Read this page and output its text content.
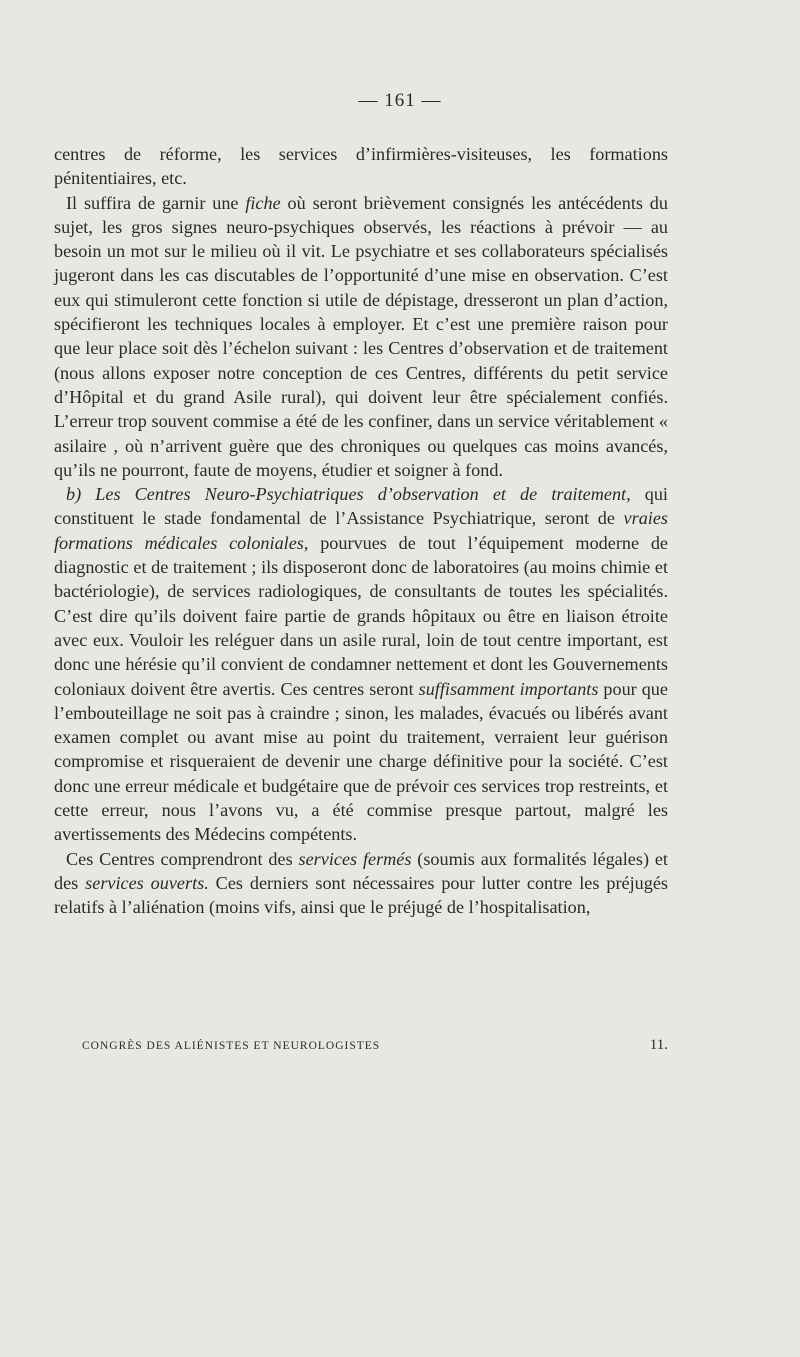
— 161 —

centres de réforme, les services d’infirmières-visiteuses, les formations pénitentiaires, etc.

Il suffira de garnir une fiche où seront brièvement consignés les antécédents du sujet, les gros signes neuro-psychiques observés, les réactions à prévoir — au besoin un mot sur le milieu où il vit. Le psychiatre et ses collaborateurs spécialisés jugeront dans les cas discutables de l’opportunité d’une mise en observation. C’est eux qui stimuleront cette fonction si utile de dépistage, dresseront un plan d’action, spécifieront les techniques locales à employer. Et c’est une première raison pour que leur place soit dès l’échelon suivant : les Centres d’observation et de traitement (nous allons exposer notre conception de ces Centres, différents du petit service d’Hôpital et du grand Asile rural), qui doivent leur être spécialement confiés. L’erreur trop souvent commise a été de les confiner, dans un service véritablement « asilaire , où n’arrivent guère que des chroniques ou quelques cas moins avancés, qu’ils ne pourront, faute de moyens, étudier et soigner à fond.

b) Les Centres Neuro-Psychiatriques d’observation et de traitement, qui constituent le stade fondamental de l’Assistance Psychiatrique, seront de vraies formations médicales coloniales, pourvues de tout l’équipement moderne de diagnostic et de traitement ; ils disposeront donc de laboratoires (au moins chimie et bactériologie), de services radiologiques, de consultants de toutes les spécialités. C’est dire qu’ils doivent faire partie de grands hôpitaux ou être en liaison étroite avec eux. Vouloir les reléguer dans un asile rural, loin de tout centre important, est donc une hérésie qu’il convient de condamner nettement et dont les Gouvernements coloniaux doivent être avertis. Ces centres seront suffisamment importants pour que l’embouteillage ne soit pas à craindre ; sinon, les malades, évacués ou libérés avant examen complet ou avant mise au point du traitement, verraient leur guérison compromise et risqueraient de devenir une charge définitive pour la société. C’est donc une erreur médicale et budgétaire que de prévoir ces services trop restreints, et cette erreur, nous l’avons vu, a été commise presque partout, malgré les avertissements des Médecins compétents.

Ces Centres comprendront des services fermés (soumis aux formalités légales) et des services ouverts. Ces derniers sont nécessaires pour lutter contre les préjugés relatifs à l’aliénation (moins vifs, ainsi que le préjugé de l’hospitalisation,

CONGRÈS DES ALIÉNISTES ET NEUROLOGISTES	11.
